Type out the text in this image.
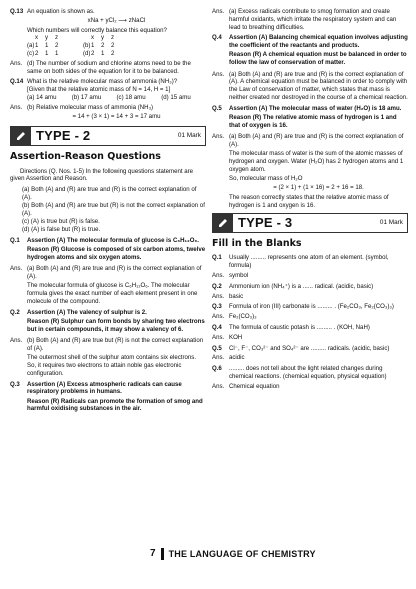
Q.13 An equation is shown as.
xNa + yCl₂ ⟶ zNaCl
Which numbers will correctly balance this equation?
x	y	z	x	y	z
(a) 1	1	2	(b) 1	2	2
(c) 2	1	1	(d) 2	1	2
Ans. (d) The number of sodium and chlorine atoms need to be the same on both sides of the equation for it to be balanced.
Q.14 What is the relative molecular mass of ammonia (NH₃)?
[Given that the relative atomic mass of N = 14, H = 1]
(a) 14 amu	(b) 17 amu	(c) 18 amu	(d) 15 amu
Ans. (b) Relative molecular mass of ammonia (NH₃)
= 14 + (3 × 1) = 14 + 3 = 17 amu
TYPE - 2	01 Mark
Assertion-Reason Questions
Directions (Q. Nos. 1-5) In the following questions statement are given Assertion and Reason.
(a) Both (A) and (R) are true and (R) is the correct explanation of (A).
(b) Both (A) and (R) are true but (R) is not the correct explanation of (A).
(c) (A) is true but (R) is false.
(d) (A) is false but (R) is true.
Q.1	Assertion (A) The molecular formula of glucose is C₆H₁₂O₆.
Reason (R) Glucose is composed of six carbon atoms, twelve hydrogen atoms and six oxygen atoms.
Ans. (a) Both (A) and (R) are true and (R) is the correct explanation of (A).
The molecular formula of glucose is C₆H₁₂O₆. The molecular formula gives the exact number of each element present in one molecule of the compound.
Q.2	Assertion (A) The valency of sulphur is 2.
Reason (R) Sulphur can form bonds by sharing two electrons but in certain compounds, it may show a valency of 6.
Ans. (b) Both (A) and (R) are true but (R) is not the correct explanation of (A).
The outermost shell of the sulphur atom contains six electrons. So, it requires two electrons to attain noble gas electronic configuration.
Q.3	Assertion (A) Excess atmospheric radicals can cause respiratory problems in humans.
Reason (R) Radicals can promote the formation of smog and harmful oxidising substances in the air.
Ans. (a) Excess radicals contribute to smog formation and create harmful oxidants, which irritate the respiratory system and can lead to breathing difficulties.
Q.4	Assertion (A) Balancing chemical equation involves adjusting the coefficient of the reactants and products.
Reason (R) A chemical equation must be balanced in order to follow the law of conservation of matter.
Ans. (a) Both (A) and (R) are true and (R) is the correct explanation of (A). A chemical equation must be balanced in order to comply with the Law of conservation of matter, which states that mass is neither created nor destroyed in the course of a chemical reaction.
Q.5	Assertion (A) The molecular mass of water (H₂O) is 18 amu.
Reason (R) The relative atomic mass of hydrogen is 1 and that of oxygen is 16.
Ans. (a) Both (A) and (R) are true and (R) is the correct explanation of (A).
The molecular mass of water is the sum of the atomic masses of hydrogen and oxygen. Water (H₂O) has 2 hydrogen atoms and 1 oxygen atom.
So, molecular mass of H₂O
= (2 × 1) + (1 × 16) = 2 + 16 = 18.
The reason correctly states that the relative atomic mass of hydrogen is 1 and oxygen is 16.
TYPE - 3	01 Mark
Fill in the Blanks
Q.1	Usually ......... represents one atom of an element. (symbol, formula)
Ans. symbol
Q.2	Ammonium ion (NH₄⁺) is a ...... radical. (acidic, basic)
Ans. basic
Q.3	Formula of iron (III) carbonate is ......... . (Fe₂CO₃, Fe₂(CO₃)₃)
Ans. Fe₂(CO₃)₃
Q.4	The formula of caustic potash is ......... . (KOH, NaH)
Ans. KOH
Q.5	Cl⁻, F⁻, CO₃²⁻ and SO₄²⁻ are ......... radicals. (acidic, basic)
Ans. acidic
Q.6	......... does not tell about the light related changes during chemical reactions. (chemical equation, physical equation)
Ans. Chemical equation
7 THE LANGUAGE OF CHEMISTRY
